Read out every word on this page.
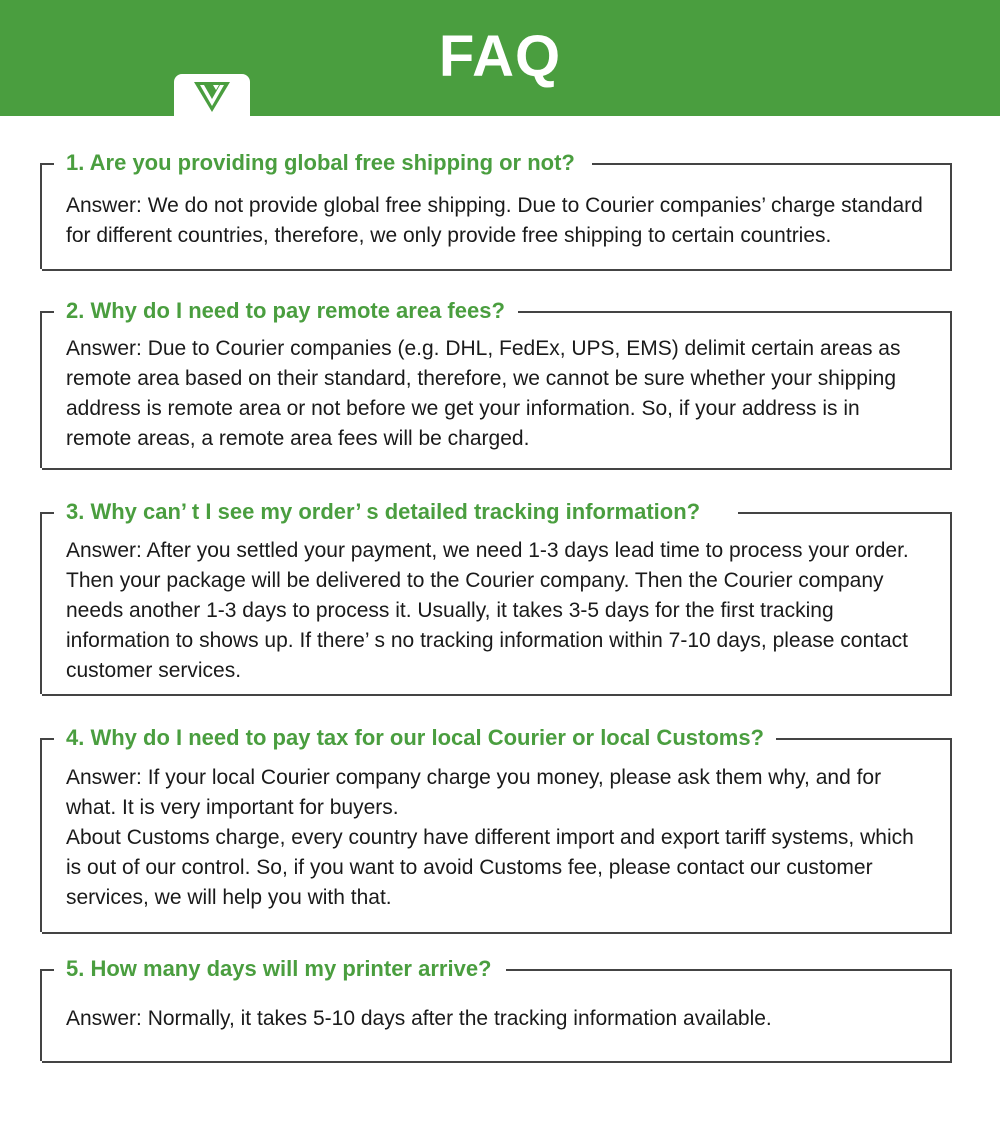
FAQ
1. Are you providing global free shipping or not?

Answer: We do not provide global free shipping. Due to Courier companies’ charge standard for different countries, therefore, we only provide free shipping to certain countries.

2. Why do I need to pay remote area fees?

Answer: Due to Courier companies (e.g. DHL, FedEx, UPS, EMS) delimit certain areas as remote area based on their standard, therefore, we cannot be sure whether your shipping address is remote area or not before we get your information. So, if your address is in remote areas, a remote area fees will be charged.

3. Why can’ t I see my order’ s detailed tracking information?

Answer: After you settled your payment, we need 1-3 days lead time to process your order. Then your package will be delivered to the Courier company. Then the Courier company needs another 1-3 days to process it. Usually, it takes 3-5 days for the first tracking information to shows up. If there’ s no tracking information within 7-10 days, please contact customer services.

4. Why do I need to pay tax for our local Courier or local Customs?

Answer: If your local Courier company charge you money, please ask them why, and for what. It is very important for buyers.

About Customs charge, every country have different import and export tariff systems, which is out of our control. So, if you want to avoid Customs fee, please contact our customer services, we will help you with that.

5. How many days will my printer arrive?

Answer: Normally, it takes 5-10 days after the tracking information available.
